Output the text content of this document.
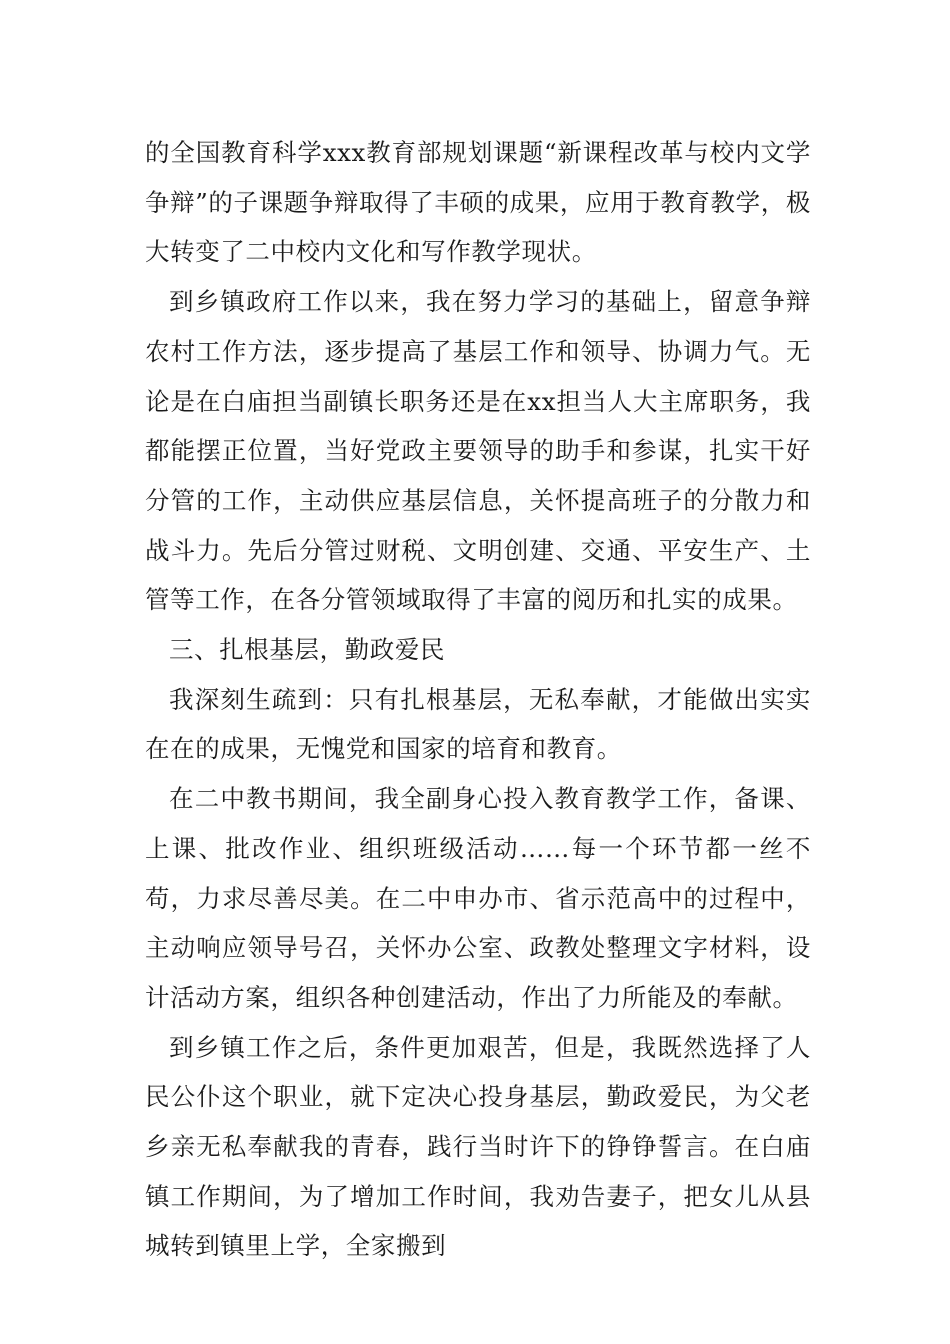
的全国教育科学xxx教育部规划课题“新课程改革与校内文学争辩”的子课题争辩取得了丰硕的成果，应用于教育教学，极大转变了二中校内文化和写作教学现状。

到乡镇政府工作以来，我在努力学习的基础上，留意争辩农村工作方法，逐步提高了基层工作和领导、协调力气。无论是在白庙担当副镇长职务还是在xx担当人大主席职务，我都能摆正位置，当好党政主要领导的助手和参谋，扎实干好分管的工作，主动供应基层信息，关怀提高班子的分散力和战斗力。先后分管过财税、文明创建、交通、平安生产、土管等工作，在各分管领域取得了丰富的阅历和扎实的成果。

三、扎根基层，勤政爱民

我深刻生疏到：只有扎根基层，无私奉献，才能做出实实在在的成果，无愧党和国家的培育和教育。

在二中教书期间，我全副身心投入教育教学工作，备课、上课、批改作业、组织班级活动……每一个环节都一丝不苟，力求尽善尽美。在二中申办市、省示范高中的过程中，主动响应领导号召，关怀办公室、政教处整理文字材料，设计活动方案，组织各种创建活动，作出了力所能及的奉献。

到乡镇工作之后，条件更加艰苦，但是，我既然选择了人民公仆这个职业，就下定决心投身基层，勤政爱民，为父老乡亲无私奉献我的青春，践行当时许下的铮铮誓言。在白庙镇工作期间，为了增加工作时间，我劝告妻子，把女儿从县城转到镇里上学，全家搬到
